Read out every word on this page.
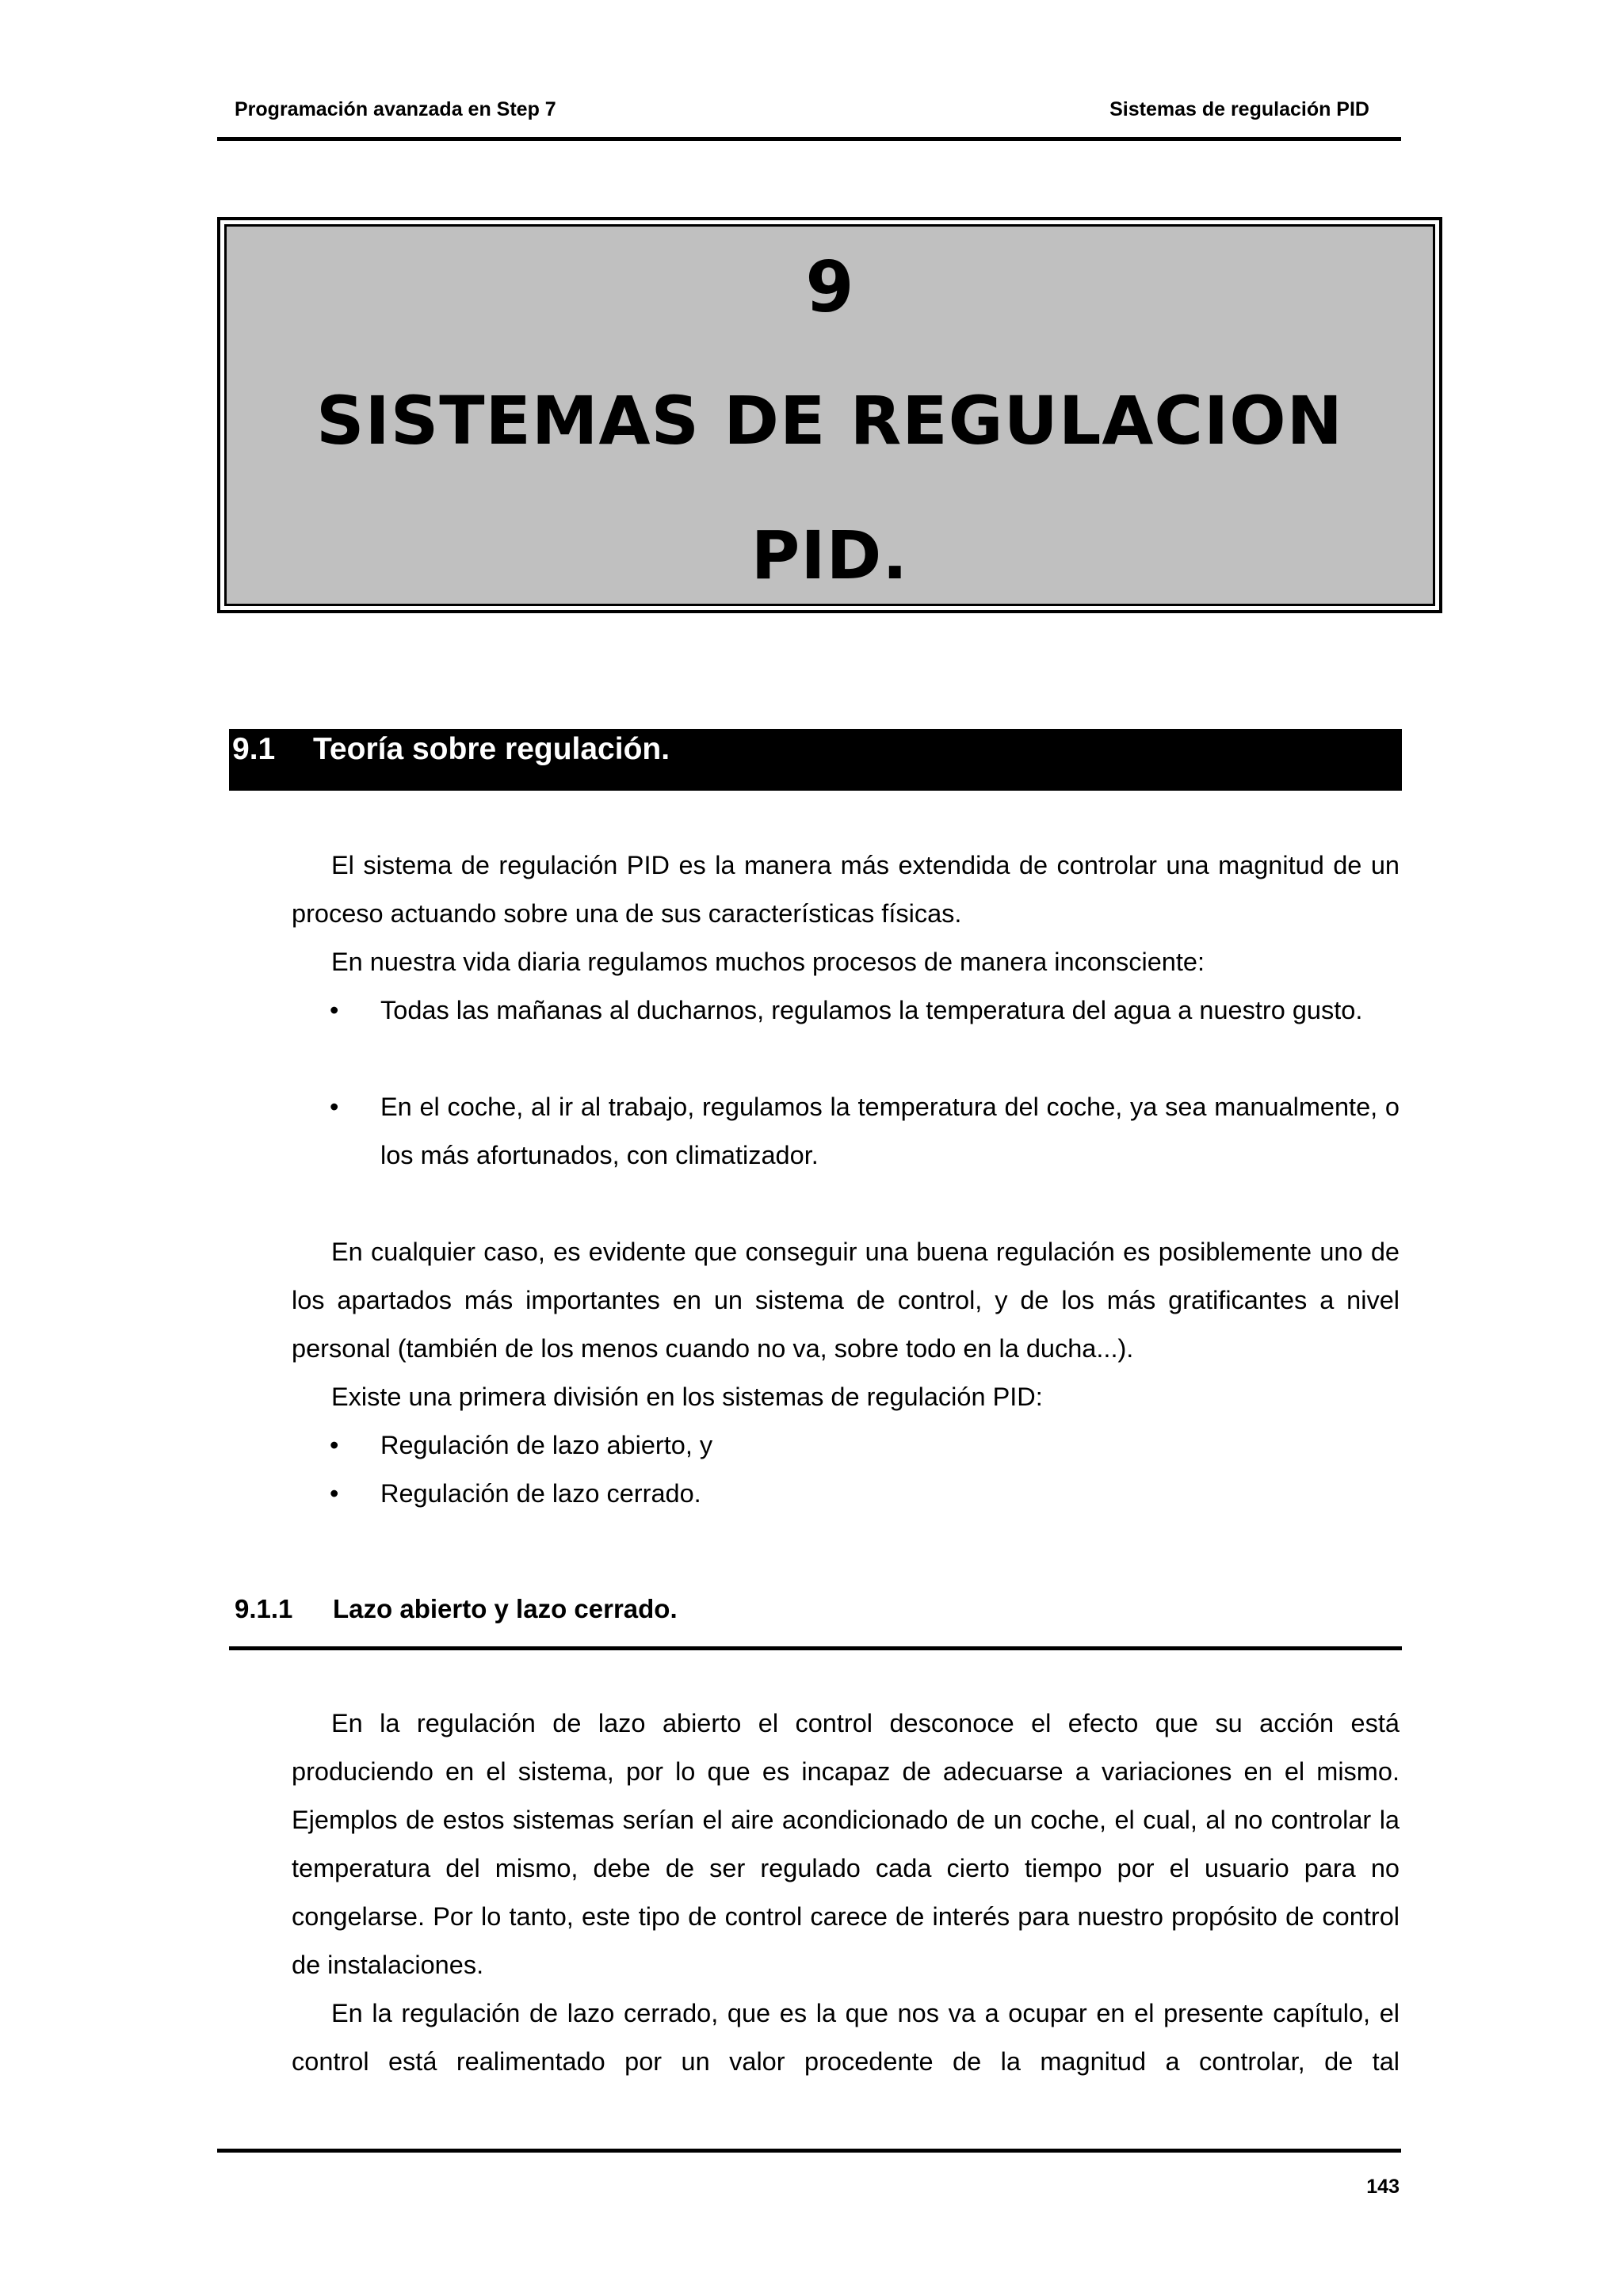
Programación avanzada en Step 7	Sistemas de regulación PID
9
SISTEMAS DE REGULACION
PID.
9.1 Teoría sobre regulación.

El sistema de regulación PID es la manera más extendida de controlar una magnitud de un proceso actuando sobre una de sus características físicas.

En nuestra vida diaria regulamos muchos procesos de manera inconsciente:

•	Todas las mañanas al ducharnos, regulamos la temperatura del agua a nuestro gusto.
•	En el coche, al ir al trabajo, regulamos la temperatura del coche, ya sea manualmente, o los más afortunados, con climatizador.

En cualquier caso, es evidente que conseguir una buena regulación es posiblemente uno de los apartados más importantes en un sistema de control, y de los más gratificantes a nivel personal (también de los menos cuando no va, sobre todo en la ducha...).

Existe una primera división en los sistemas de regulación PID:

•	Regulación de lazo abierto, y
•	Regulación de lazo cerrado.
9.1.1 Lazo abierto y lazo cerrado.

En la regulación de lazo abierto el control desconoce el efecto que su acción está produciendo en el sistema, por lo que es incapaz de adecuarse a variaciones en el mismo. Ejemplos de estos sistemas serían el aire acondicionado de un coche, el cual, al no controlar la temperatura del mismo, debe de ser regulado cada cierto tiempo por el usuario para no congelarse. Por lo tanto, este tipo de control carece de interés para nuestro propósito de control de instalaciones.

En la regulación de lazo cerrado, que es la que nos va a ocupar en el presente capítulo, el control está realimentado por un valor procedente de la magnitud a controlar, de tal

143
